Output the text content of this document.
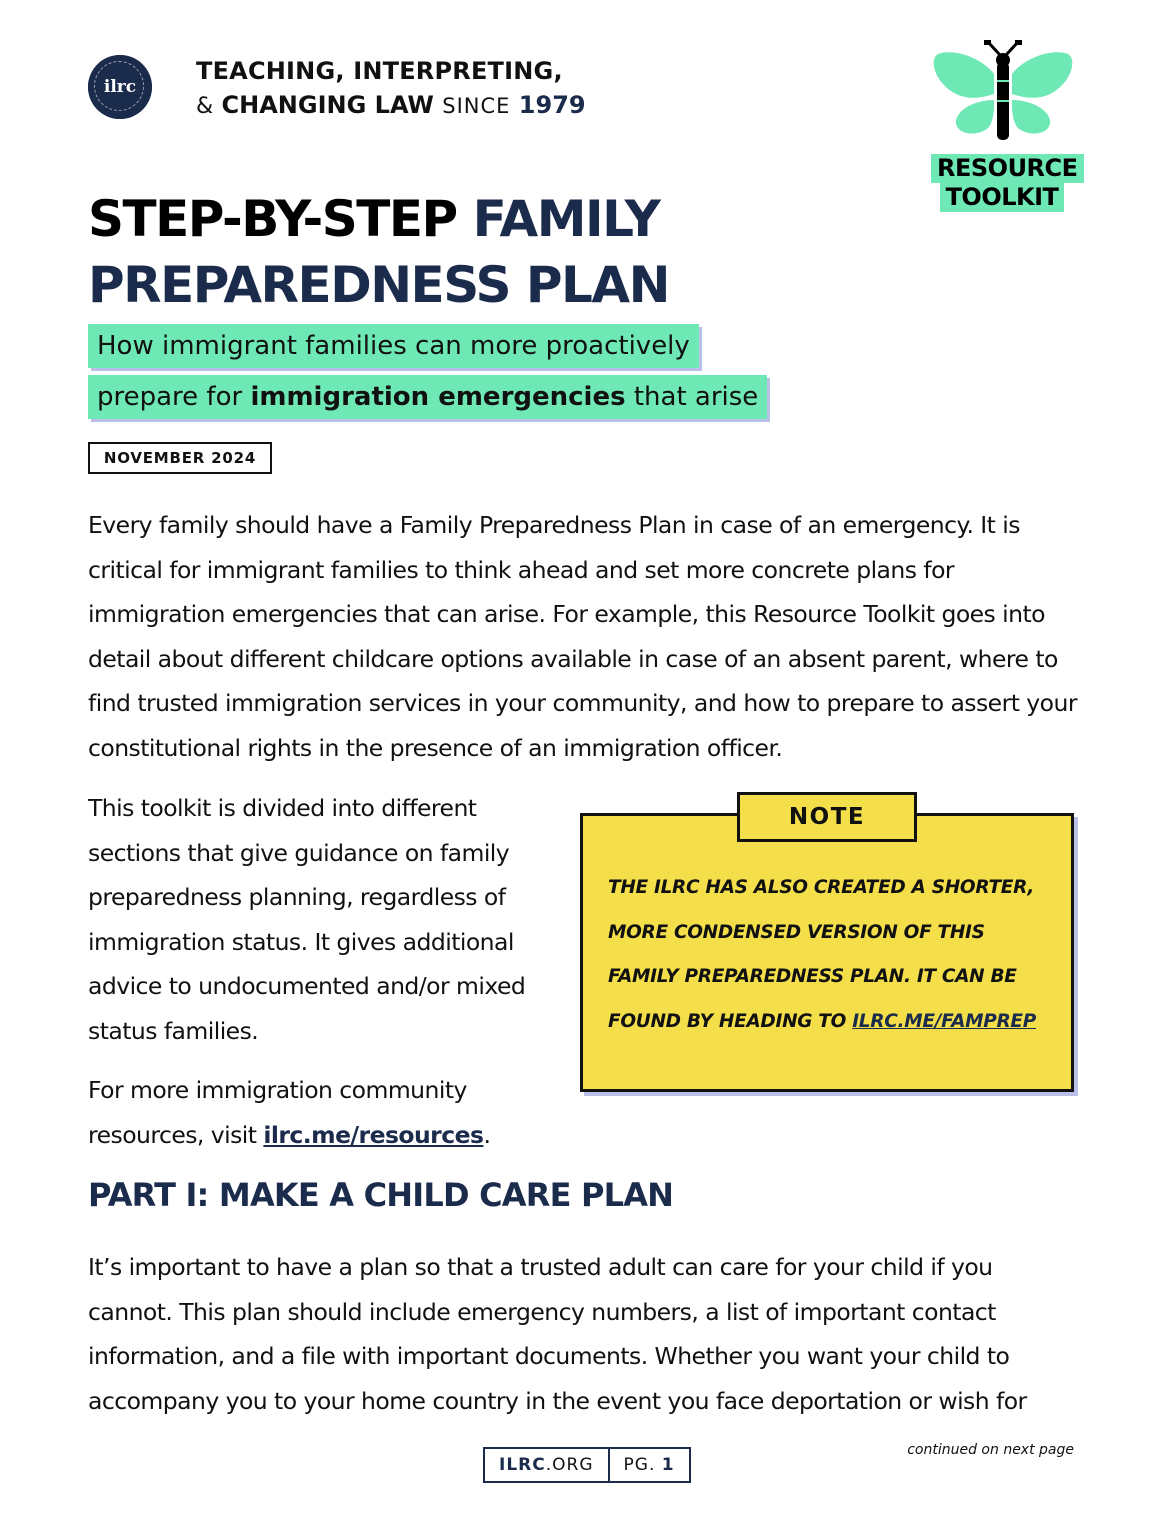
ilrc
TEACHING, INTERPRETING,
& CHANGING LAW SINCE 1979
RESOURCE
TOOLKIT
STEP-BY-STEP FAMILY
PREPAREDNESS PLAN
How immigrant families can more proactively
prepare for immigration emergencies that arise
NOVEMBER 2024
Every family should have a Family Preparedness Plan in case of an emergency. It is critical for immigrant families to think ahead and set more concrete plans for immigration emergencies that can arise. For example, this Resource Toolkit goes into detail about different childcare options available in case of an absent parent, where to find trusted immigration services in your community, and how to prepare to assert your constitutional rights in the presence of an immigration officer.
This toolkit is divided into different sections that give guidance on family preparedness planning, regardless of immigration status. It gives additional advice to undocumented and/or mixed status families.
For more immigration community resources, visit ilrc.me/resources.
NOTE
THE ILRC HAS ALSO CREATED A SHORTER, MORE CONDENSED VERSION OF THIS FAMILY PREPAREDNESS PLAN. IT CAN BE FOUND BY HEADING TO ILRC.ME/FAMPREP
PART I: MAKE A CHILD CARE PLAN
It’s important to have a plan so that a trusted adult can care for your child if you cannot. This plan should include emergency numbers, a list of important contact information, and a file with important documents. Whether you want your child to accompany you to your home country in the event you face deportation or wish for
continued on next page
ILRC .ORG PG.
1
